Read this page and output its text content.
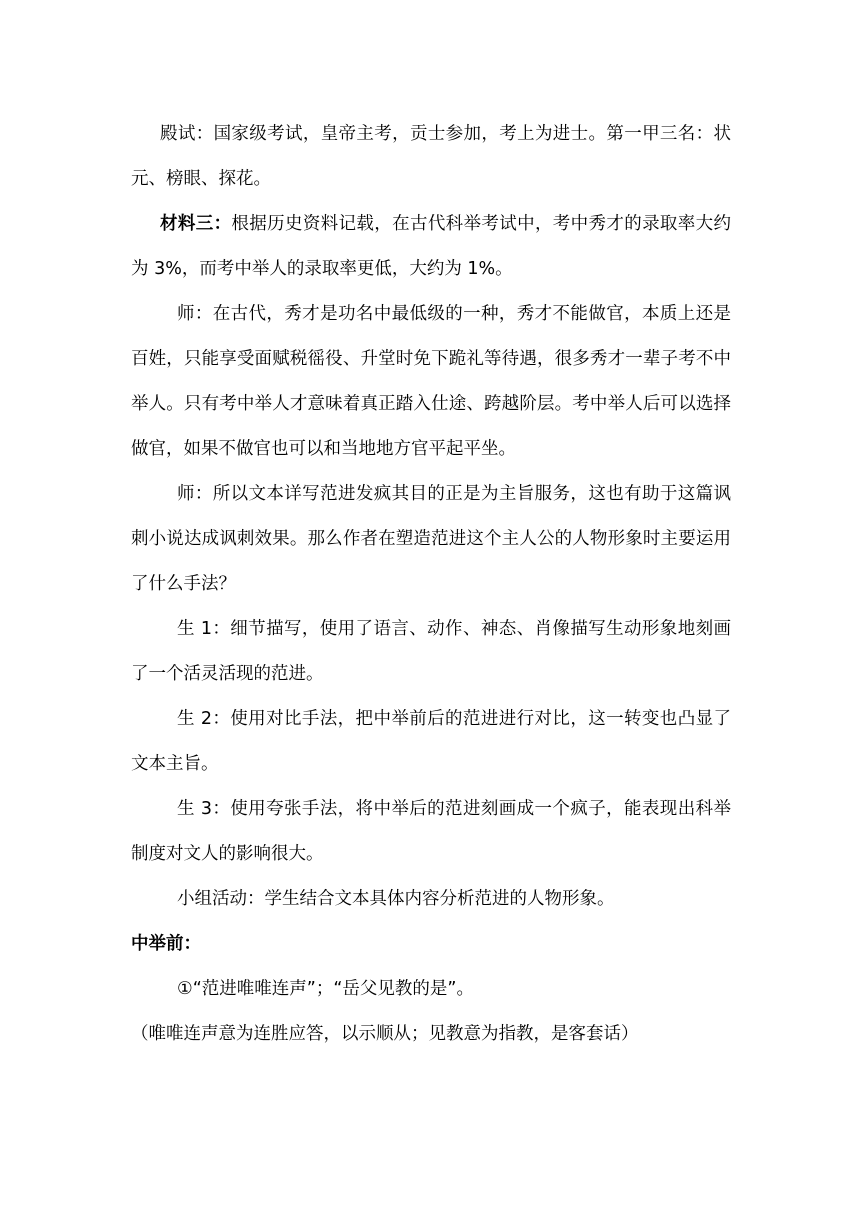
殿试：国家级考试，皇帝主考，贡士参加，考上为进士。第一甲三名：状元、榜眼、探花。

材料三：根据历史资料记载，在古代科举考试中，考中秀才的录取率大约为 3%，而考中举人的录取率更低，大约为 1%。

师：在古代，秀才是功名中最低级的一种，秀才不能做官，本质上还是百姓，只能享受面赋税徭役、升堂时免下跪礼等待遇，很多秀才一辈子考不中举人。只有考中举人才意味着真正踏入仕途、跨越阶层。考中举人后可以选择做官，如果不做官也可以和当地地方官平起平坐。

师：所以文本详写范进发疯其目的正是为主旨服务，这也有助于这篇讽刺小说达成讽刺效果。那么作者在塑造范进这个主人公的人物形象时主要运用了什么手法？

生 1：细节描写，使用了语言、动作、神态、肖像描写生动形象地刻画了一个活灵活现的范进。

生 2：使用对比手法，把中举前后的范进进行对比，这一转变也凸显了文本主旨。

生 3：使用夸张手法，将中举后的范进刻画成一个疯子，能表现出科举制度对文人的影响很大。

小组活动：学生结合文本具体内容分析范进的人物形象。

中举前：

①“范进唯唯连声”；“岳父见教的是”。

（唯唯连声意为连胜应答，以示顺从；见教意为指教，是客套话）
